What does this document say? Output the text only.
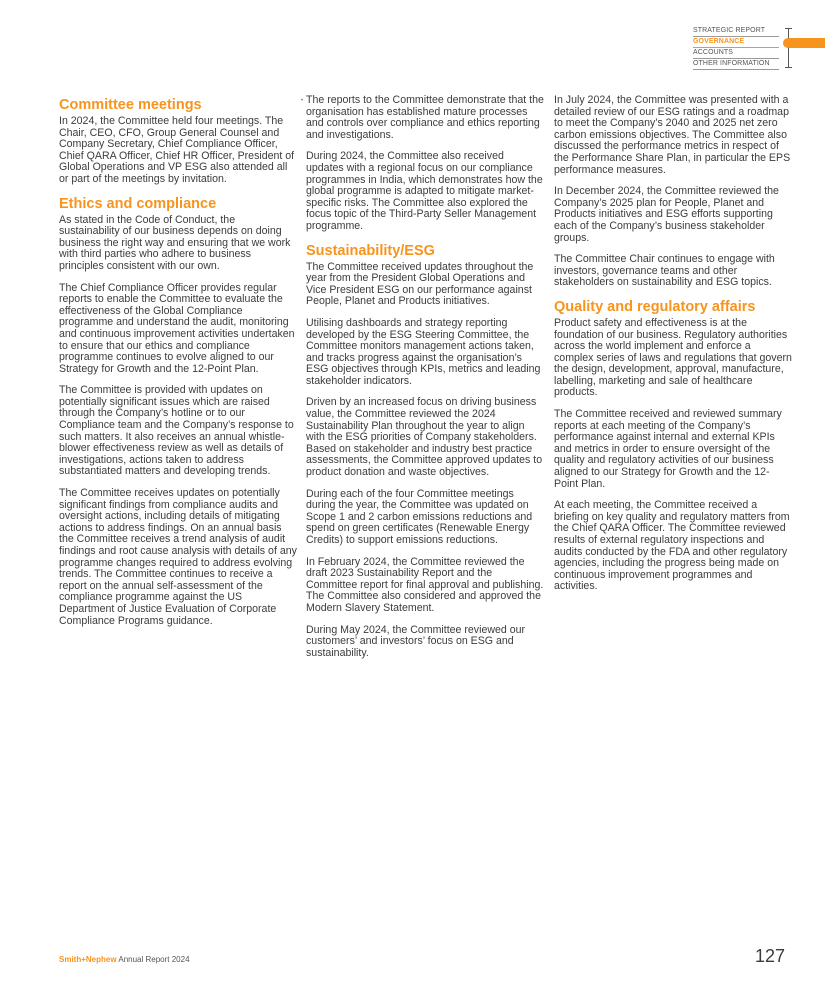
STRATEGIC REPORT
GOVERNANCE
ACCOUNTS
OTHER INFORMATION
•
Committee meetings

In 2024, the Committee held four meetings. The Chair, CEO, CFO, Group General Counsel and Company Secretary, Chief Compliance Officer, Chief QARA Officer, Chief HR Officer, President of Global Operations and VP ESG also attended all or part of the meetings by invitation.

Ethics and compliance

As stated in the Code of Conduct, the sustainability of our business depends on doing business the right way and ensuring that we work with third parties who adhere to business principles consistent with our own.

The Chief Compliance Officer provides regular reports to enable the Committee to evaluate the effectiveness of the Global Compliance programme and understand the audit, monitoring and continuous improvement activities undertaken to ensure that our ethics and compliance programme continues to evolve aligned to our Strategy for Growth and the 12-Point Plan.

The Committee is provided with updates on potentially significant issues which are raised through the Company’s hotline or to our Compliance team and the Company’s response to such matters. It also receives an annual whistle-blower effectiveness review as well as details of investigations, actions taken to address substantiated matters and developing trends.

The Committee receives updates on potentially significant findings from compliance audits and oversight actions, including details of mitigating actions to address findings. On an annual basis the Committee receives a trend analysis of audit findings and root cause analysis with details of any programme changes required to address evolving trends. The Committee continues to receive a report on the annual self-assessment of the compliance programme against the US Department of Justice Evaluation of Corporate Compliance Programs guidance.

The reports to the Committee demonstrate that the organisation has established mature processes and controls over compliance and ethics reporting and investigations.

During 2024, the Committee also received updates with a regional focus on our compliance programmes in India, which demonstrates how the global programme is adapted to mitigate market-specific risks. The Committee also explored the focus topic of the Third-Party Seller Management programme.

Sustainability/ESG

The Committee received updates throughout the year from the President Global Operations and Vice President ESG on our performance against People, Planet and Products initiatives.

Utilising dashboards and strategy reporting developed by the ESG Steering Committee, the Committee monitors management actions taken, and tracks progress against the organisation’s ESG objectives through KPIs, metrics and leading stakeholder indicators.

Driven by an increased focus on driving business value, the Committee reviewed the 2024 Sustainability Plan throughout the year to align with the ESG priorities of Company stakeholders. Based on stakeholder and industry best practice assessments, the Committee approved updates to product donation and waste objectives.

During each of the four Committee meetings during the year, the Committee was updated on Scope 1 and 2 carbon emissions reductions and spend on green certificates (Renewable Energy Credits) to support emissions reductions.

In February 2024, the Committee reviewed the draft 2023 Sustainability Report and the Committee report for final approval and publishing. The Committee also considered and approved the Modern Slavery Statement.

During May 2024, the Committee reviewed our customers’ and investors’ focus on ESG and sustainability.

In July 2024, the Committee was presented with a detailed review of our ESG ratings and a roadmap to meet the Company’s 2040 and 2025 net zero carbon emissions objectives. The Committee also discussed the performance metrics in respect of the Performance Share Plan, in particular the EPS performance measures.

In December 2024, the Committee reviewed the Company’s 2025 plan for People, Planet and Products initiatives and ESG efforts supporting each of the Company’s business stakeholder groups.

The Committee Chair continues to engage with investors, governance teams and other stakeholders on sustainability and ESG topics.

Quality and regulatory affairs

Product safety and effectiveness is at the foundation of our business. Regulatory authorities across the world implement and enforce a complex series of laws and regulations that govern the design, development, approval, manufacture, labelling, marketing and sale of healthcare products.

The Committee received and reviewed summary reports at each meeting of the Company’s performance against internal and external KPIs and metrics in order to ensure oversight of the quality and regulatory activities of our business aligned to our Strategy for Growth and the 12-Point Plan.

At each meeting, the Committee received a briefing on key quality and regulatory matters from the Chief QARA Officer. The Committee reviewed results of external regulatory inspections and audits conducted by the FDA and other regulatory agencies, including the progress being made on continuous improvement programmes and activities.

Smith+Nephew Annual Report 2024	127
